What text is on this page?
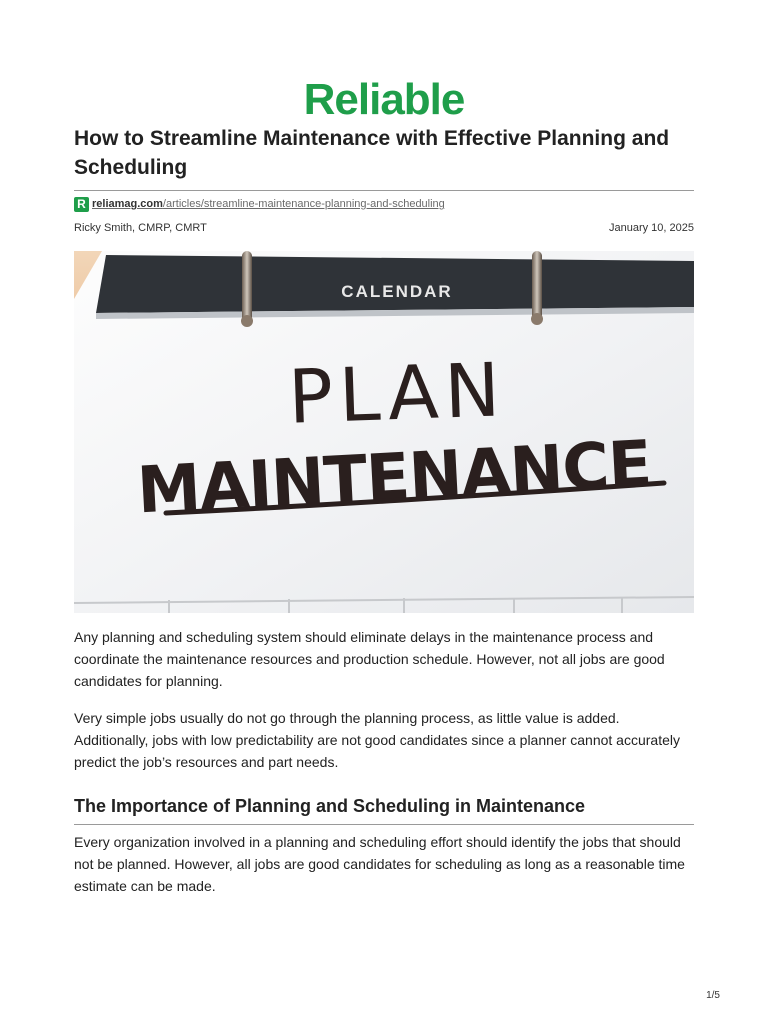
Reliable
How to Streamline Maintenance with Effective Planning and Scheduling
R reliamag.com/articles/streamline-maintenance-planning-and-scheduling
Ricky Smith, CMRP, CMRT	January 10, 2025
CALENDAR
PLAN
MAINTENANCE

Any planning and scheduling system should eliminate delays in the maintenance process and coordinate the maintenance resources and production schedule. However, not all jobs are good candidates for planning.

Very simple jobs usually do not go through the planning process, as little value is added. Additionally, jobs with low predictability are not good candidates since a planner cannot accurately predict the job’s resources and part needs.

The Importance of Planning and Scheduling in Maintenance

Every organization involved in a planning and scheduling effort should identify the jobs that should not be planned. However, all jobs are good candidates for scheduling as long as a reasonable time estimate can be made.

1/5
